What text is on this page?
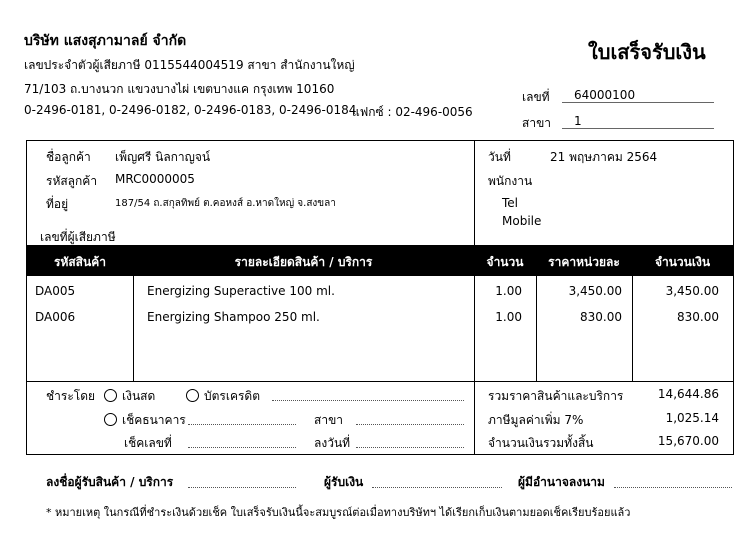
บริษัท แสงสุภามาลย์ จำกัด
เลขประจำตัวผู้เสียภาษี 0115544004519 สาขา สำนักงานใหญ่
71/103 ถ.บางนวก แขวงบางไผ่ เขตบางแค กรุงเทพ 10160
0-2496-0181, 0-2496-0182, 0-2496-0183, 0-2496-0184
แฟกซ์ : 02-496-0056
ใบเสร็จรับเงิน
เลขที่	64000100
สาขา	1
ชื่อลูกค้า เพ็ญศรี นิลกาญจน์
รหัสลูกค้า MRC0000005
ที่อยู่	187/54 ถ.สกุลทิพย์ ต.คอหงส์ อ.หาดใหญ่ จ.สงขลา
เลขที่ผู้เสียภาษี
วันที่	21 พฤษภาคม 2564
พนักงาน
Tel
Mobile
รหัสสินค้า	รายละเอียดสินค้า / บริการ	จำนวน	ราคาหน่วยละ	จำนวนเงิน
DA005	Energizing Superactive 100 ml.	1.00	3,450.00	3,450.00
DA006	Energizing Shampoo 250 ml.	1.00	830.00	830.00
ชำระโดย	เงินสด	บัตรเครดิต
เช็คธนาคาร	สาขา
เช็คเลขที่	ลงวันที่
รวมราคาสินค้าและบริการ	14,644.86
ภาษีมูลค่าเพิ่ม 7%	1,025.14
จำนวนเงินรวมทั้งสิ้น	15,670.00
ลงชื่อผู้รับสินค้า / บริการ	ผู้รับเงิน	ผู้มีอำนาจลงนาม
* หมายเหตุ ในกรณีที่ชำระเงินด้วยเช็ค ใบเสร็จรับเงินนี้จะสมบูรณ์ต่อเมื่อทางบริษัทฯ ได้เรียกเก็บเงินตามยอดเช็คเรียบร้อยแล้ว
